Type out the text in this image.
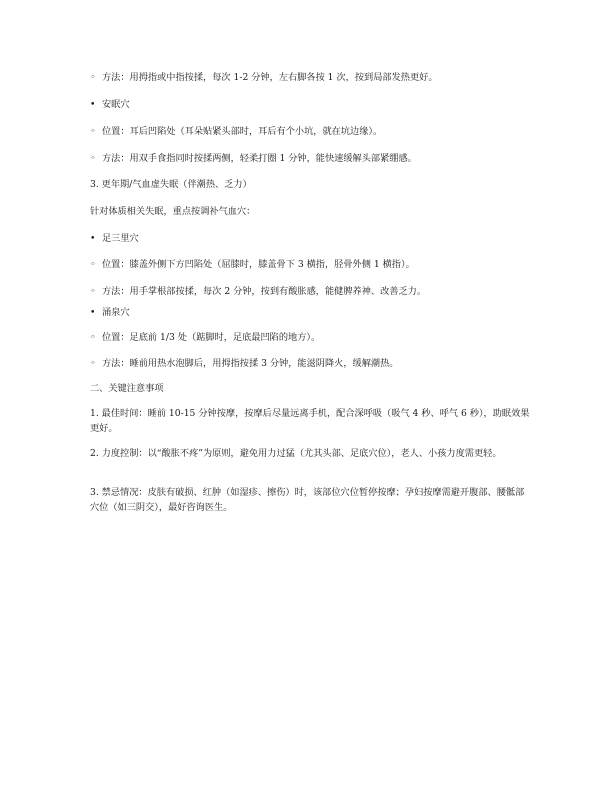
◦ 方法：用拇指或中指按揉，每次 1-2 分钟，左右脚各按 1 次，按到局部发热更好。
• 安眠穴
◦ 位置：耳后凹陷处（耳朵贴紧头部时，耳后有个小坑，就在坑边缘）。
◦ 方法：用双手食指同时按揉两侧，轻柔打圈 1 分钟，能快速缓解头部紧绷感。
3. 更年期/气血虚失眠（伴潮热、乏力）
针对体质相关失眠，重点按调补气血穴：
• 足三里穴
◦ 位置：膝盖外侧下方凹陷处（屈膝时，膝盖骨下 3 横指，胫骨外侧 1 横指）。
◦ 方法：用手掌根部按揉，每次 2 分钟，按到有酸胀感，能健脾养神、改善乏力。
• 涌泉穴
◦ 位置：足底前 1/3 处（踮脚时，足底最凹陷的地方）。
◦ 方法：睡前用热水泡脚后，用拇指按揉 3 分钟，能滋阴降火，缓解潮热。
二、关键注意事项
1. 最佳时间：睡前 10-15 分钟按摩，按摩后尽量远离手机，配合深呼吸（吸气 4 秒、呼气 6 秒），助眠效果更好。
2. 力度控制：以“酸胀不疼”为原则，避免用力过猛（尤其头部、足底穴位），老人、小孩力度需更轻。
3. 禁忌情况：皮肤有破损、红肿（如湿疹、擦伤）时，该部位穴位暂停按摩；孕妇按摩需避开腹部、腰骶部穴位（如三阴交），最好咨询医生。
